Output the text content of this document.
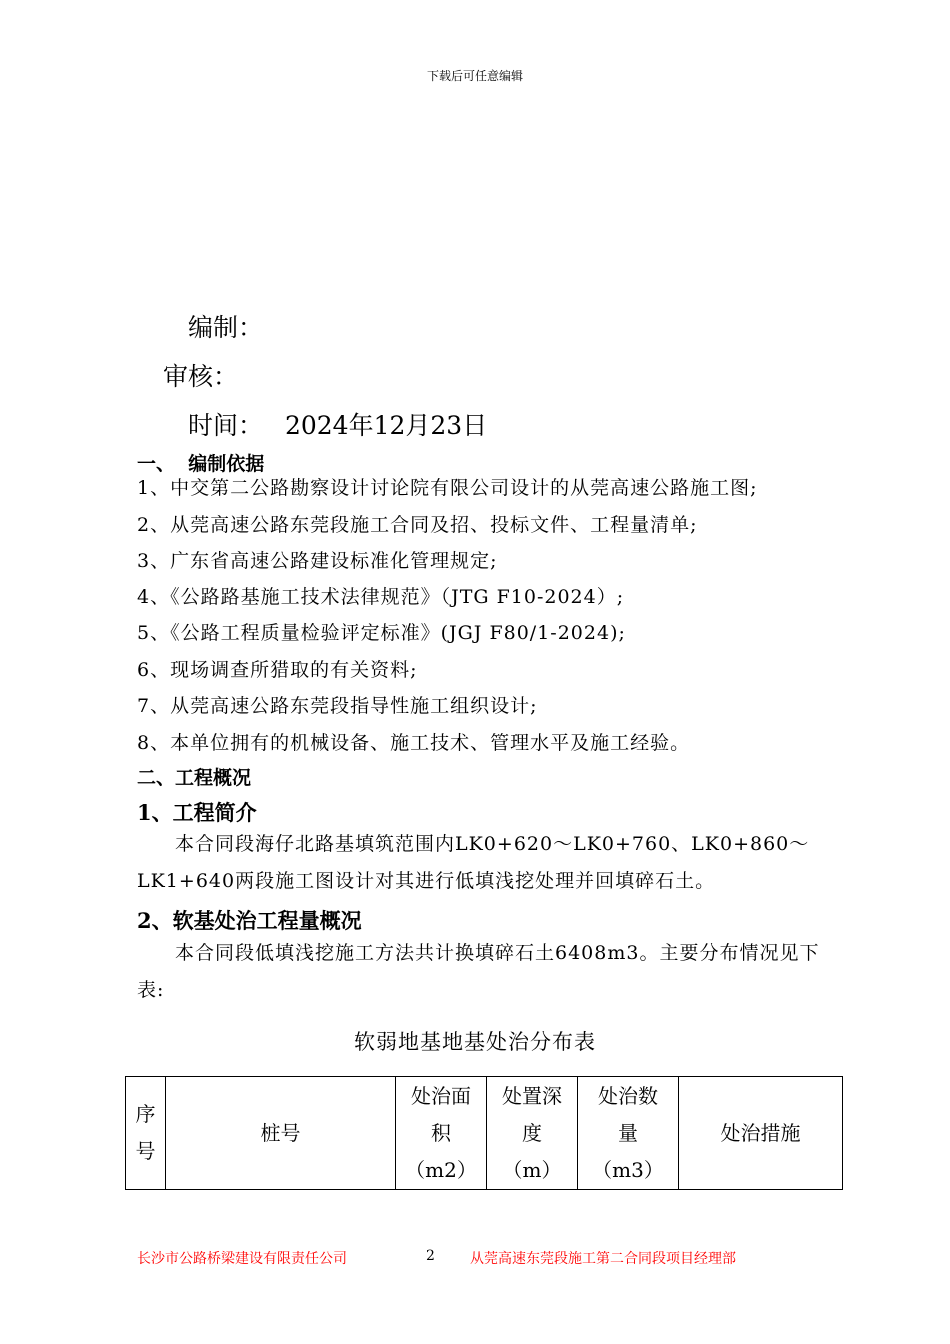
下载后可任意编辑
编制：
审核：
时间： 2024年12月23日
一、  编制依据
1、中交第二公路勘察设计讨论院有限公司设计的从莞高速公路施工图;
2、从莞高速公路东莞段施工合同及招、投标文件、工程量清单;
3、广东省高速公路建设标准化管理规定;
4、《公路路基施工技术法律规范》（JTG F10-2024）;
5、《公路工程质量检验评定标准》(JGJ F80/1-2024);
6、现场调查所猎取的有关资料;
7、从莞高速公路东莞段指导性施工组织设计;
8、本单位拥有的机械设备、施工技术、管理水平及施工经验。
二、工程概况
1、工程简介
本合同段海仔北路基填筑范围内LK0+620～LK0+760、LK0+860～LK1+640两段施工图设计对其进行低填浅挖处理并回填碎石土。
2、软基处治工程量概况
本合同段低填浅挖施工方法共计换填碎石土6408m3。主要分布情况见下表:
软弱地基地基处治分布表
序
号

桩号

处治面
积
（m2）

处置深
度
（m）

处治数
量
（m3）

处治措施
长沙市公路桥梁建设有限责任公司	2	从莞高速东莞段施工第二合同段项目经理部
